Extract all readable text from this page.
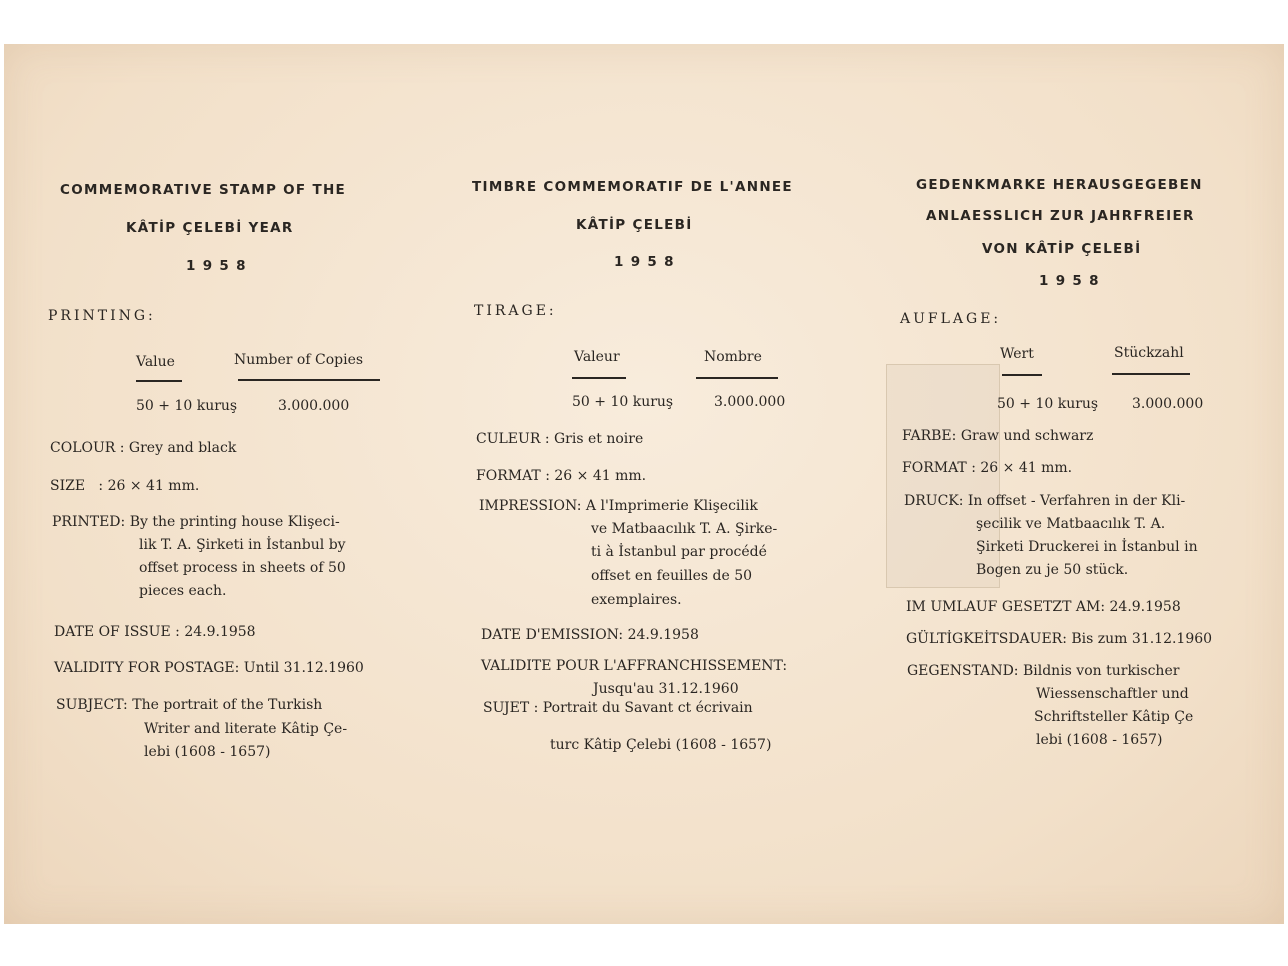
COMMEMORATIVE STAMP OF THE
KÂTİP ÇELEBİ YEAR
1 9 5 8
PRINTING:
Value	Number of Copies
50 + 10 kuruş	3.000.000
COLOUR : Grey and black
SIZE   : 26 × 41 mm.
PRINTED: By the printing house Klişeci-
lik T. A. Şirketi in İstanbul by
offset process in sheets of 50
pieces each.
DATE OF ISSUE : 24.9.1958
VALIDITY FOR POSTAGE: Until 31.12.1960
SUBJECT: The portrait of the Turkish
Writer and literate Kâtip Çe-
lebi (1608 - 1657)
TIMBRE COMMEMORATIF DE L'ANNEE
KÂTİP ÇELEBİ
1 9 5 8
TIRAGE:
Valeur	Nombre
50 + 10 kuruş	3.000.000
CULEUR : Gris et noire
FORMAT : 26 × 41 mm.
IMPRESSION: A l'Imprimerie Klişecilik
ve Matbaacılık T. A. Şirke-
ti à İstanbul par procédé
offset en feuilles de 50
exemplaires.
DATE D'EMISSION: 24.9.1958
VALIDITE POUR L'AFFRANCHISSEMENT:
Jusqu'au 31.12.1960
SUJET : Portrait du Savant ct écrivain
turc Kâtip Çelebi (1608 - 1657)
GEDENKMARKE HERAUSGEGEBEN
ANLAESSLICH ZUR JAHRFREIER
VON KÂTİP ÇELEBİ
1 9 5 8
AUFLAGE:
Wert	Stückzahl
50 + 10 kuruş 3.000.000
FARBE: Graw und schwarz
FORMAT : 26 × 41 mm.
DRUCK: In offset - Verfahren in der Kli-
şecilik ve Matbaacılık T. A.
Şirketi Druckerei in İstanbul in
Bogen zu je 50 stück.
IM UMLAUF GESETZT AM: 24.9.1958
GÜLTİGKEİTSDAUER: Bis zum 31.12.1960
GEGENSTAND: Bildnis von turkischer
Wiessenschaftler und
Schriftsteller Kâtip Çe
lebi (1608 - 1657)
